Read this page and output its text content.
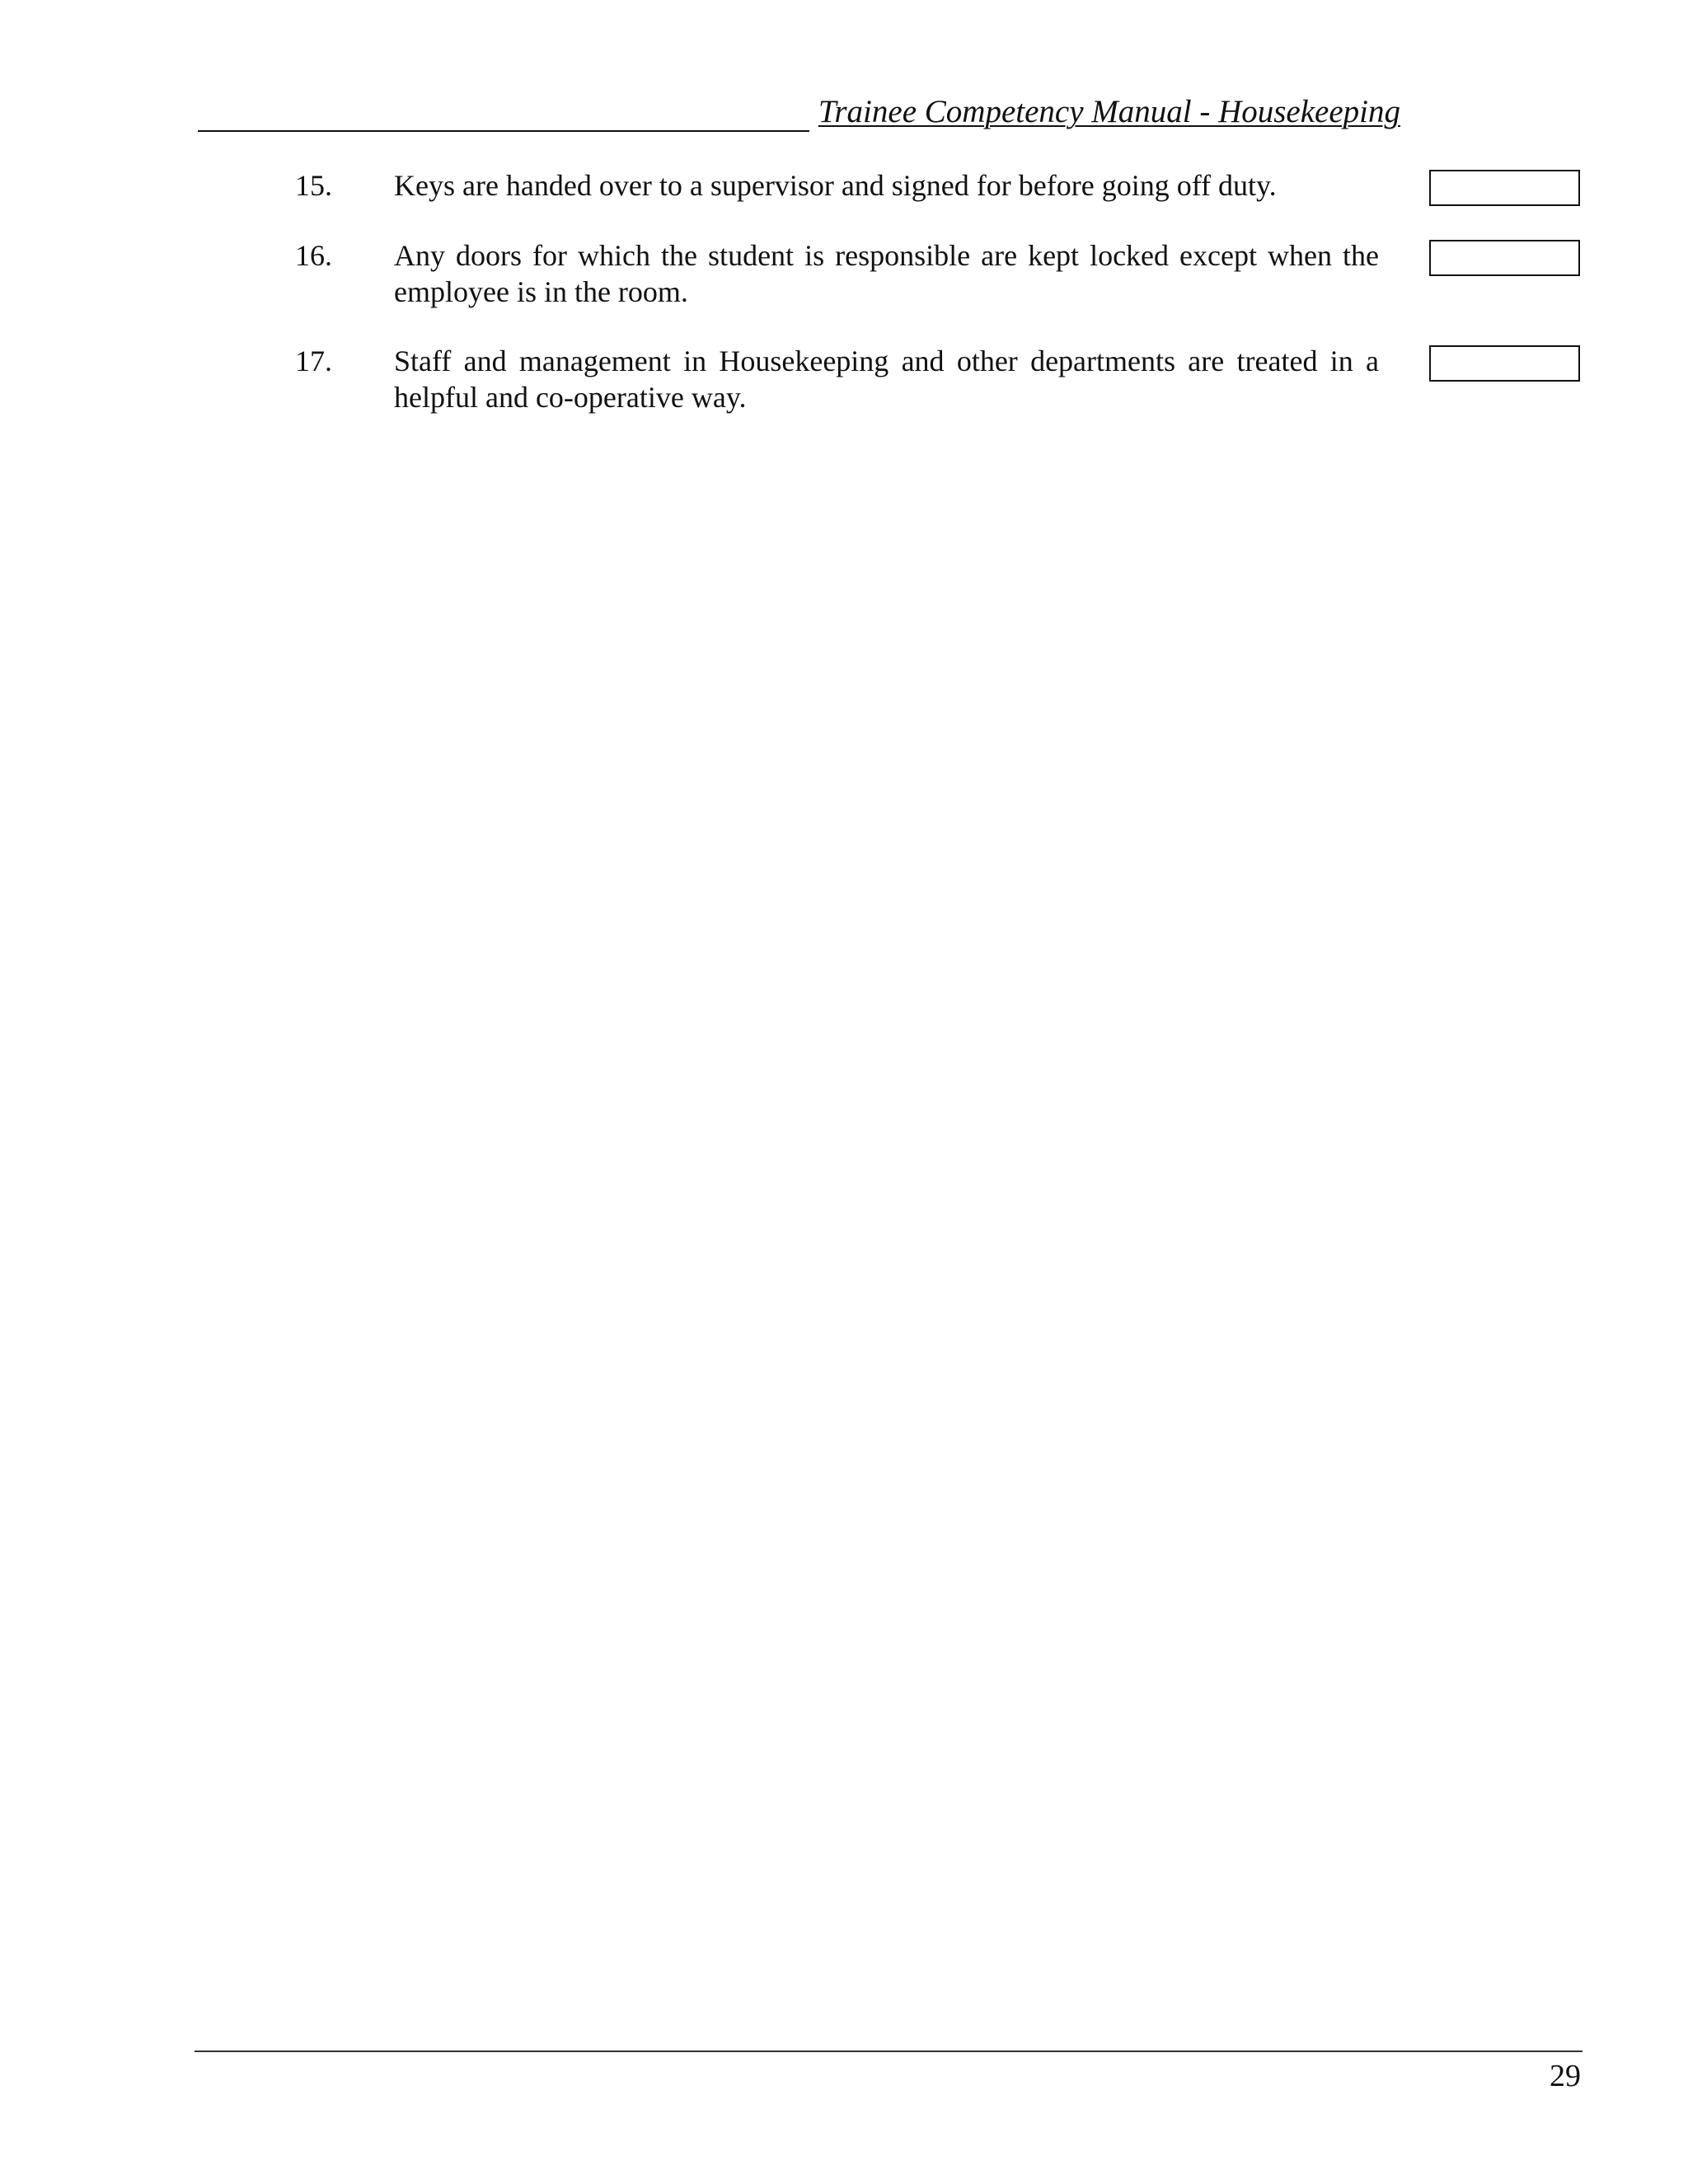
Trainee Competency Manual - Housekeeping
15. Keys are handed over to a supervisor and signed for before going off duty.
16. Any doors for which the student is responsible are kept locked except when the employee is in the room.
17. Staff and management in Housekeeping and other departments are treated in a helpful and co-operative way.
29
